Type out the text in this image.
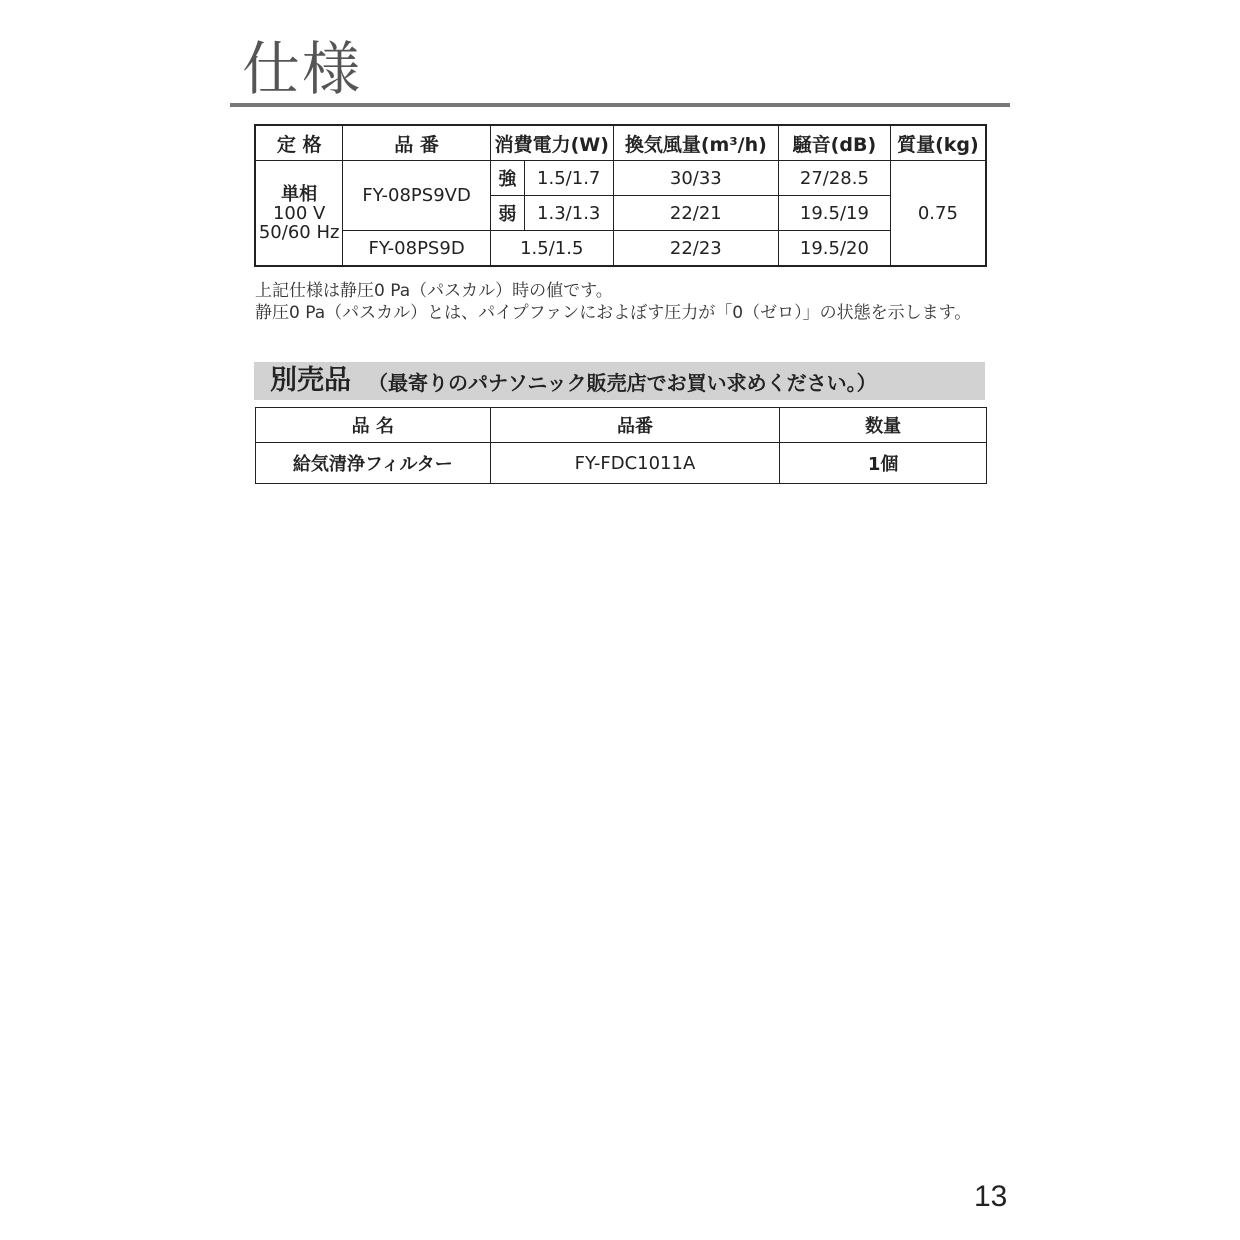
仕様
定 格	品 番	消費電力(W)		換気風量(m³/h)	騒音(dB)	質量(kg)

単相
100 V
50/60 Hz	FY-08PS9VD	強	1.5/1.7	30/33	27/28.5	0.75
		弱	1.3/1.3	22/21	19.5/19	
	FY-08PS9D	1.5/1.5		22/23	19.5/20	
上記仕様は静圧0 Pa（パスカル）時の値です。
静圧0 Pa（パスカル）とは、パイプファンにおよぼす圧力が「0（ゼロ）」の状態を示します。
別売品 （最寄りのパナソニック販売店でお買い求めください。）
品 名	品番	数量
給気清浄フィルター	FY-FDC1011A	1個
13
